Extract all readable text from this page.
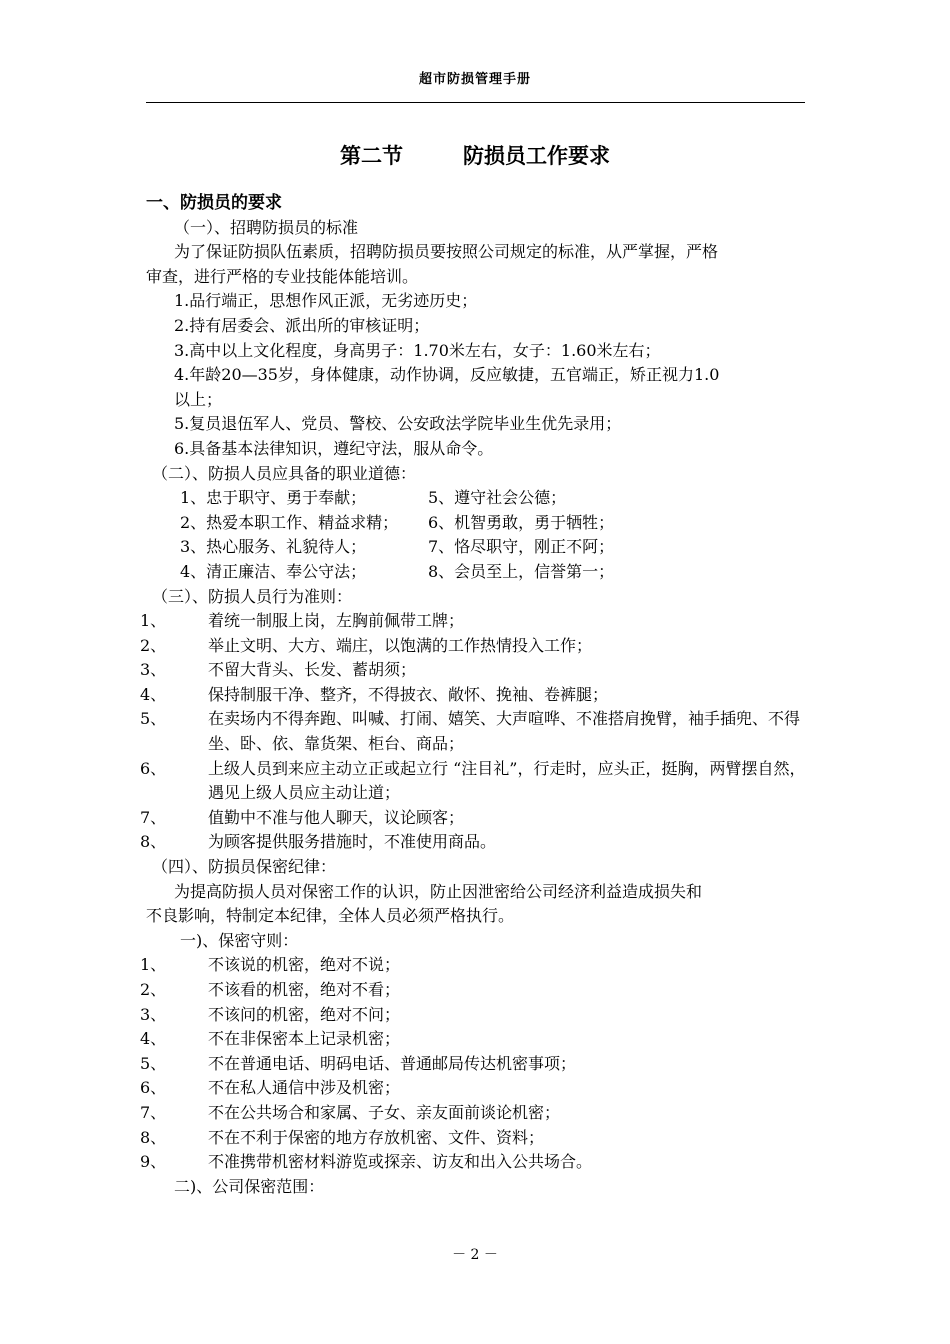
超市防损管理手册
第二节	防损员工作要求
一、防损员的要求
（一）、招聘防损员的标准
为了保证防损队伍素质，招聘防损员要按照公司规定的标准，从严掌握，严格
审查，进行严格的专业技能体能培训。
1.品行端正，思想作风正派，无劣迹历史；
2.持有居委会、派出所的审核证明；
3.高中以上文化程度，身高男子：1.70米左右，女子：1.60米左右；
4.年龄20—35岁，身体健康，动作协调，反应敏捷，五官端正，矫正视力1.0
以上；
5.复员退伍军人、党员、警校、公安政法学院毕业生优先录用；
6.具备基本法律知识，遵纪守法，服从命令。
（二）、防损人员应具备的职业道德：
1、忠于职守、勇于奉献；	5、遵守社会公德；
2、热爱本职工作、精益求精； 6、机智勇敢，勇于牺牲；
3、热心服务、礼貌待人；	7、恪尽职守，刚正不阿；
4、清正廉洁、奉公守法；	8、会员至上，信誉第一；
（三）、防损人员行为准则：
1、	着统一制服上岗，左胸前佩带工牌；
2、	举止文明、大方、端庄，以饱满的工作热情投入工作；
3、	不留大背头、长发、蓄胡须；
4、	保持制服干净、整齐，不得披衣、敞怀、挽袖、卷裤腿；
5、	在卖场内不得奔跑、叫喊、打闹、嬉笑、大声喧哗、不准搭肩挽臂，袖手插兜、不得坐、卧、依、靠货架、柜台、商品；
6、	上级人员到来应主动立正或起立行 “注目礼”，行走时，应头正，挺胸，两臂摆自然，遇见上级人员应主动让道；
7、	值勤中不准与他人聊天，议论顾客；
8、	为顾客提供服务措施时，不准使用商品。
（四）、防损员保密纪律：
为提高防损人员对保密工作的认识，防止因泄密给公司经济利益造成损失和
不良影响，特制定本纪律，全体人员必须严格执行。
一)、保密守则：
1、	不该说的机密，绝对不说；
2、	不该看的机密，绝对不看；
3、	不该问的机密，绝对不问；
4、	不在非保密本上记录机密；
5、	不在普通电话、明码电话、普通邮局传达机密事项；
6、	不在私人通信中涉及机密；
7、	不在公共场合和家属、子女、亲友面前谈论机密；
8、	不在不利于保密的地方存放机密、文件、资料；
9、	不准携带机密材料游览或探亲、访友和出入公共场合。
二)、公司保密范围：
－ 2 －
